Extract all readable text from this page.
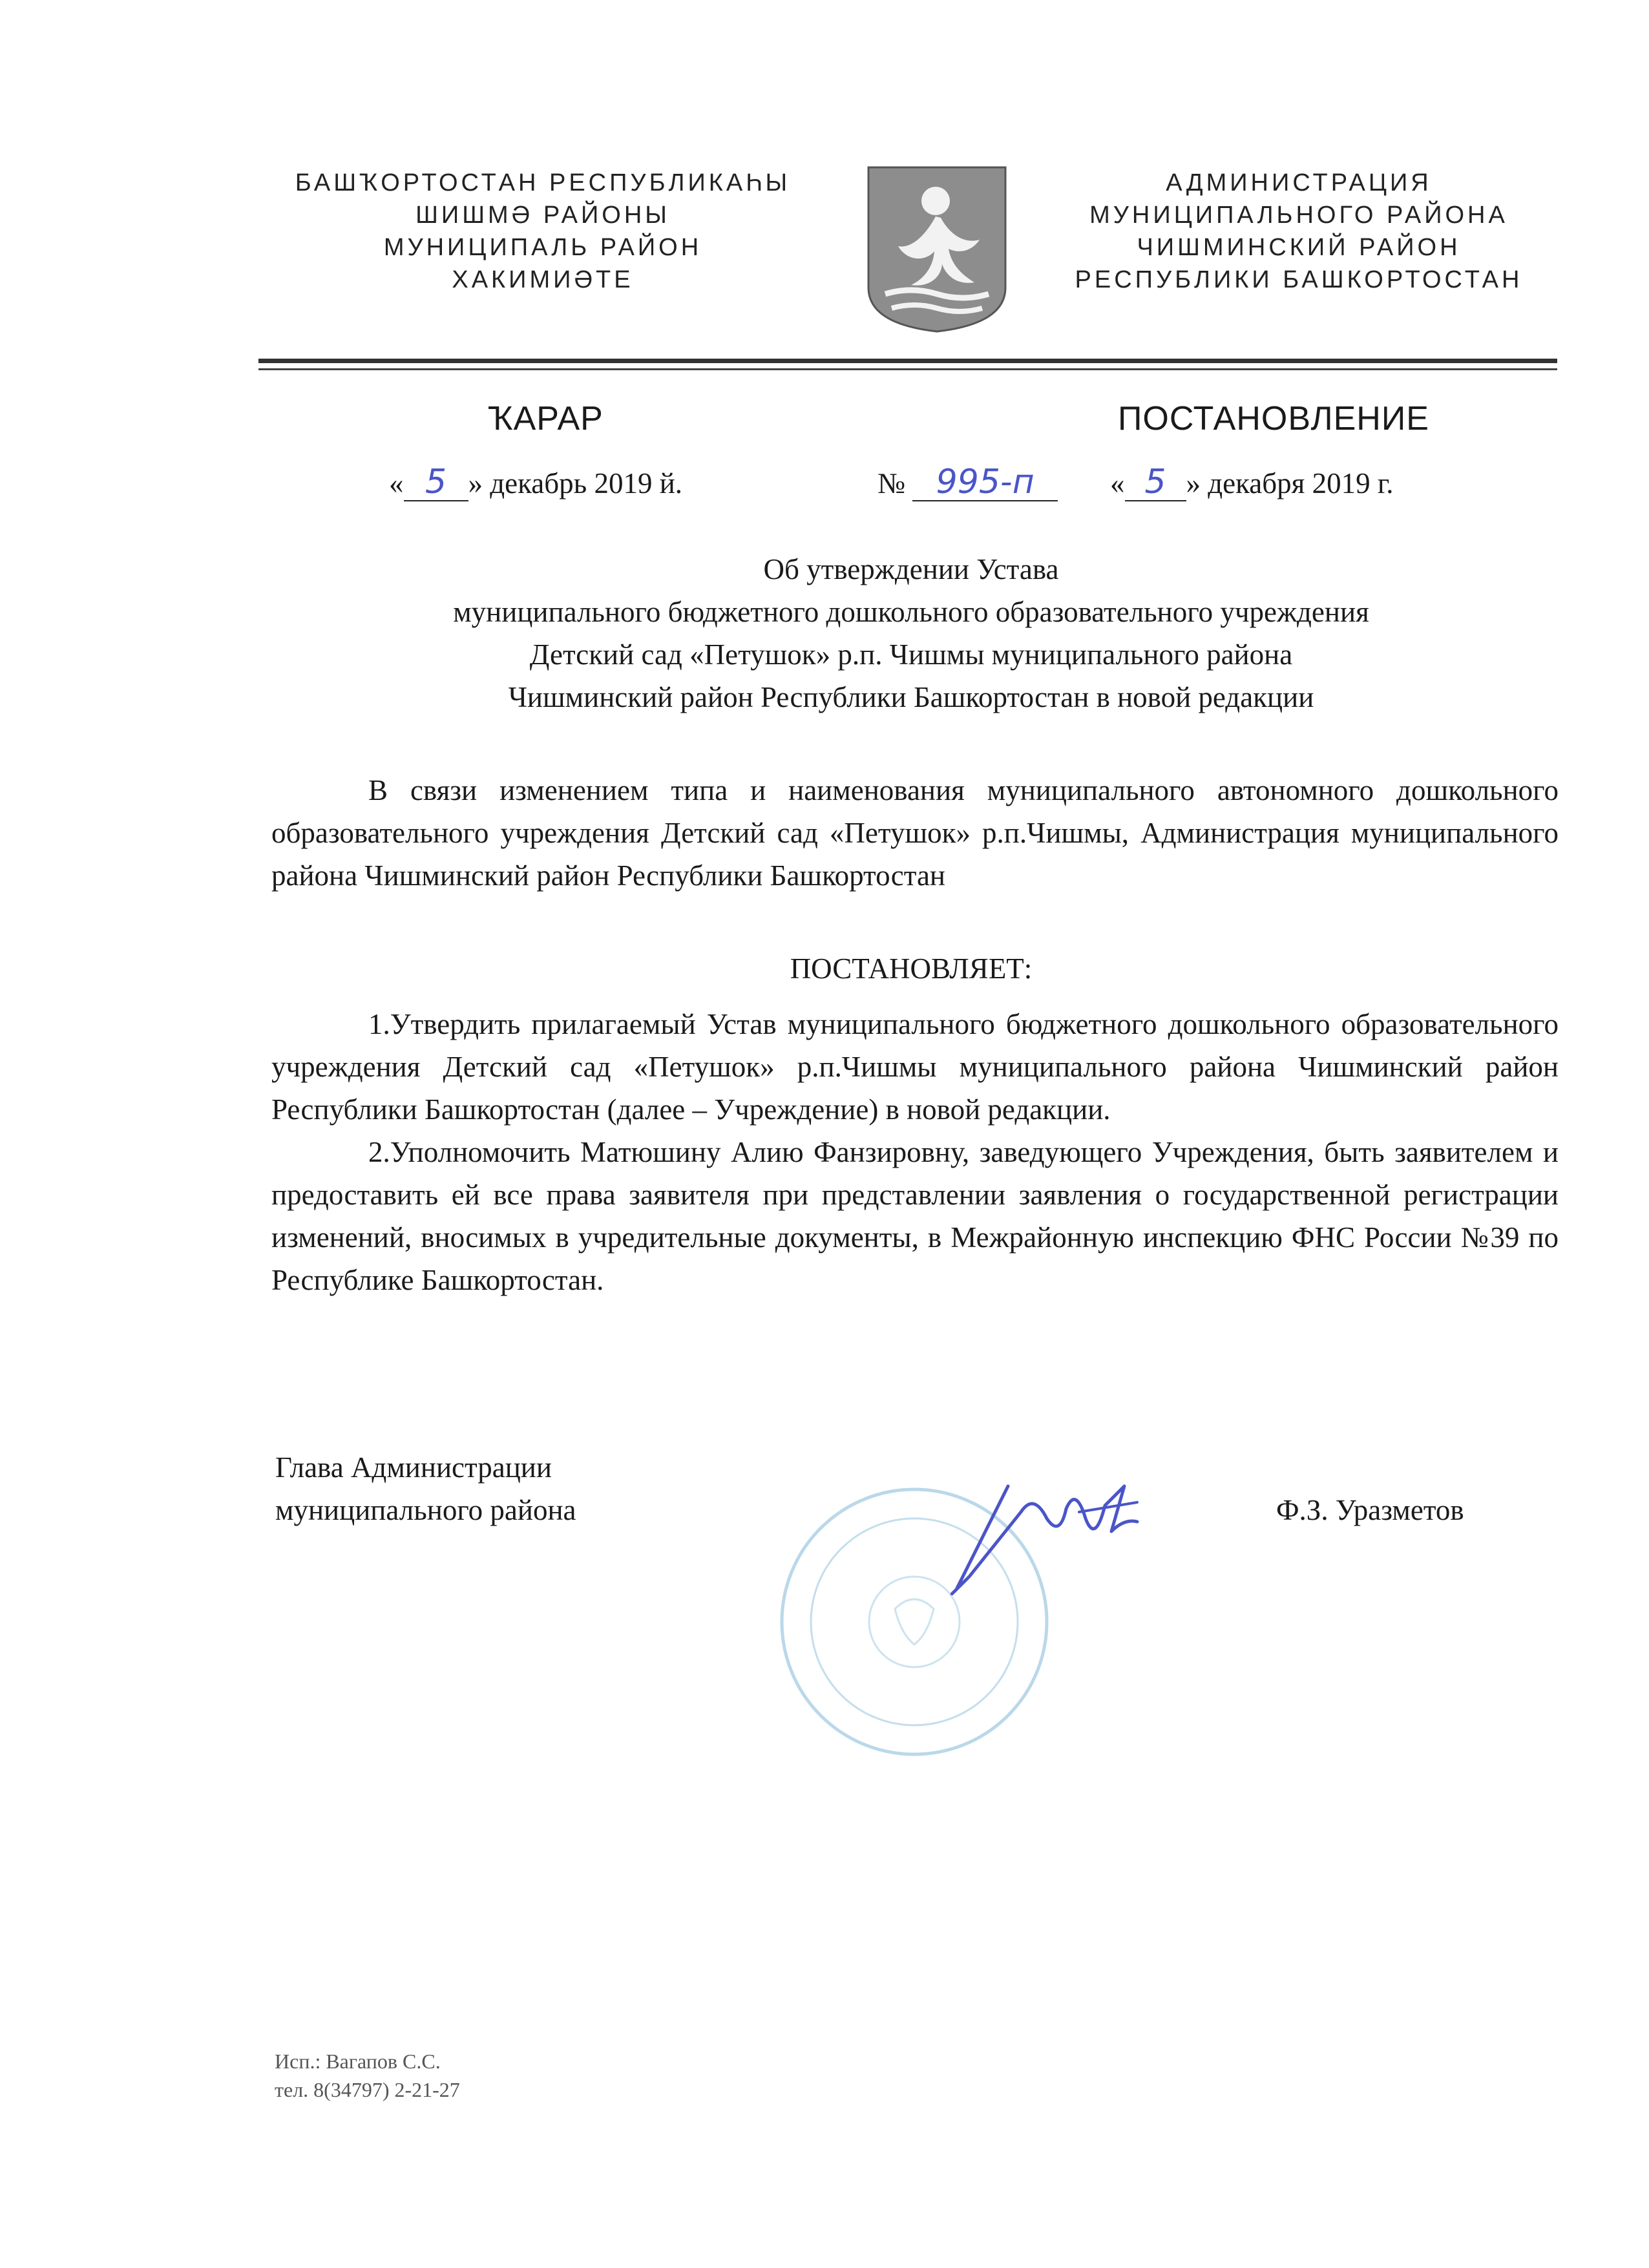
БАШҠОРТОСТАН РЕСПУБЛИКАҺЫ
ШИШМӘ РАЙОНЫ
МУНИЦИПАЛЬ РАЙОН
ХАКИМИӘТЕ
АДМИНИСТРАЦИЯ
МУНИЦИПАЛЬНОГО РАЙОНА
ЧИШМИНСКИЙ РАЙОН
РЕСПУБЛИКИ БАШКОРТОСТАН
ҠАРАР	ПОСТАНОВЛЕНИЕ
« 5 » декабрь 2019 й.	№ 995-п	« 5 » декабря 2019 г.
Об утверждении Устава
муниципального бюджетного дошкольного образовательного учреждения
Детский сад «Петушок» р.п. Чишмы муниципального района
Чишминский район Республики Башкортостан в новой редакции

В связи изменением типа и наименования муниципального автономного дошкольного образовательного учреждения Детский сад «Петушок» р.п.Чишмы, Администрация муниципального района Чишминский район Республики Башкортостан

ПОСТАНОВЛЯЕТ:

1.Утвердить прилагаемый Устав муниципального бюджетного дошкольного образовательного учреждения Детский сад «Петушок» р.п.Чишмы муниципального района Чишминский район Республики Башкортостан (далее – Учреждение) в новой редакции.

2.Уполномочить Матюшину Алию Фанзировну, заведующего Учреждения, быть заявителем и предоставить ей все права заявителя при представлении заявления о государственной регистрации изменений, вносимых в учредительные документы, в Межрайонную инспекцию ФНС России №39 по Республике Башкортостан.

Глава Администрации
муниципального района	Ф.З. Уразметов
Исп.: Вагапов С.С.
тел. 8(34797) 2-21-27
